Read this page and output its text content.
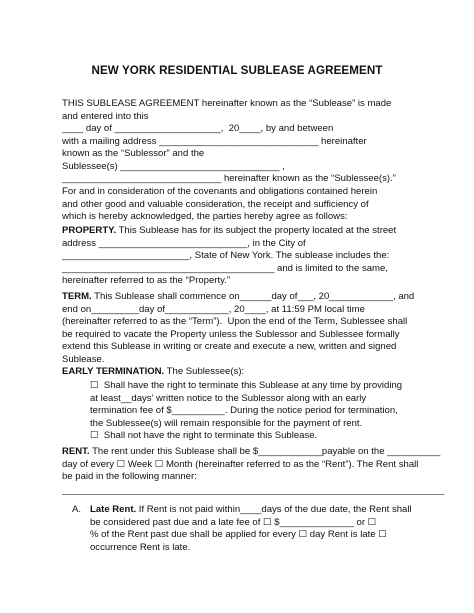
NEW YORK RESIDENTIAL SUBLEASE AGREEMENT
THIS SUBLEASE AGREEMENT hereinafter known as the “Sublease” is made
and entered into this
____ day of ____________________,  20____, by and between
with a mailing address ______________________________ hereinafter
known as the “Sublessor” and the
Sublessee(s) ______________________________ ,
______________________________ hereinafter known as the “Sublessee(s).”
For and in consideration of the covenants and obligations contained herein
and other good and valuable consideration, the receipt and sufficiency of
which is hereby acknowledged, the parties hereby agree as follows:
PROPERTY. This Sublease has for its subject the property located at the street
address ____________________________, in the City of
________________________, State of New York. The sublease includes the:
________________________________________ and is limited to the same,
hereinafter referred to as the “Property.”
TERM. This Sublease shall commence on______day of___, 20____________, and
end on_________day of____________, 20____, at 11:59 PM local time
(hereinafter referred to as the “Term”).  Upon the end of the Term, Sublessee shall
be required to vacate the Property unless the Sublessor and Sublessee formally
extend this Sublease in writing or create and execute a new, written and signed
Sublease.
EARLY TERMINATION. The Sublessee(s):
☐  Shall have the right to terminate this Sublease at any time by providing
at least__days’ written notice to the Sublessor along with an early
termination fee of $__________. During the notice period for termination,
the Sublessee(s) will remain responsible for the payment of rent.
☐  Shall not have the right to terminate this Sublease.
RENT. The rent under this Sublease shall be $____________payable on the __________
day of every ☐ Week ☐ Month (hereinafter referred to as the “Rent”). The Rent shall
be paid in the following manner:
________________________________________________________________________________
A. Late Rent. If Rent is not paid within____days of the due date, the Rent shall
be considered past due and a late fee of ☐ $______________ or ☐
% of the Rent past due shall be applied for every ☐ day Rent is late ☐
occurrence Rent is late.
